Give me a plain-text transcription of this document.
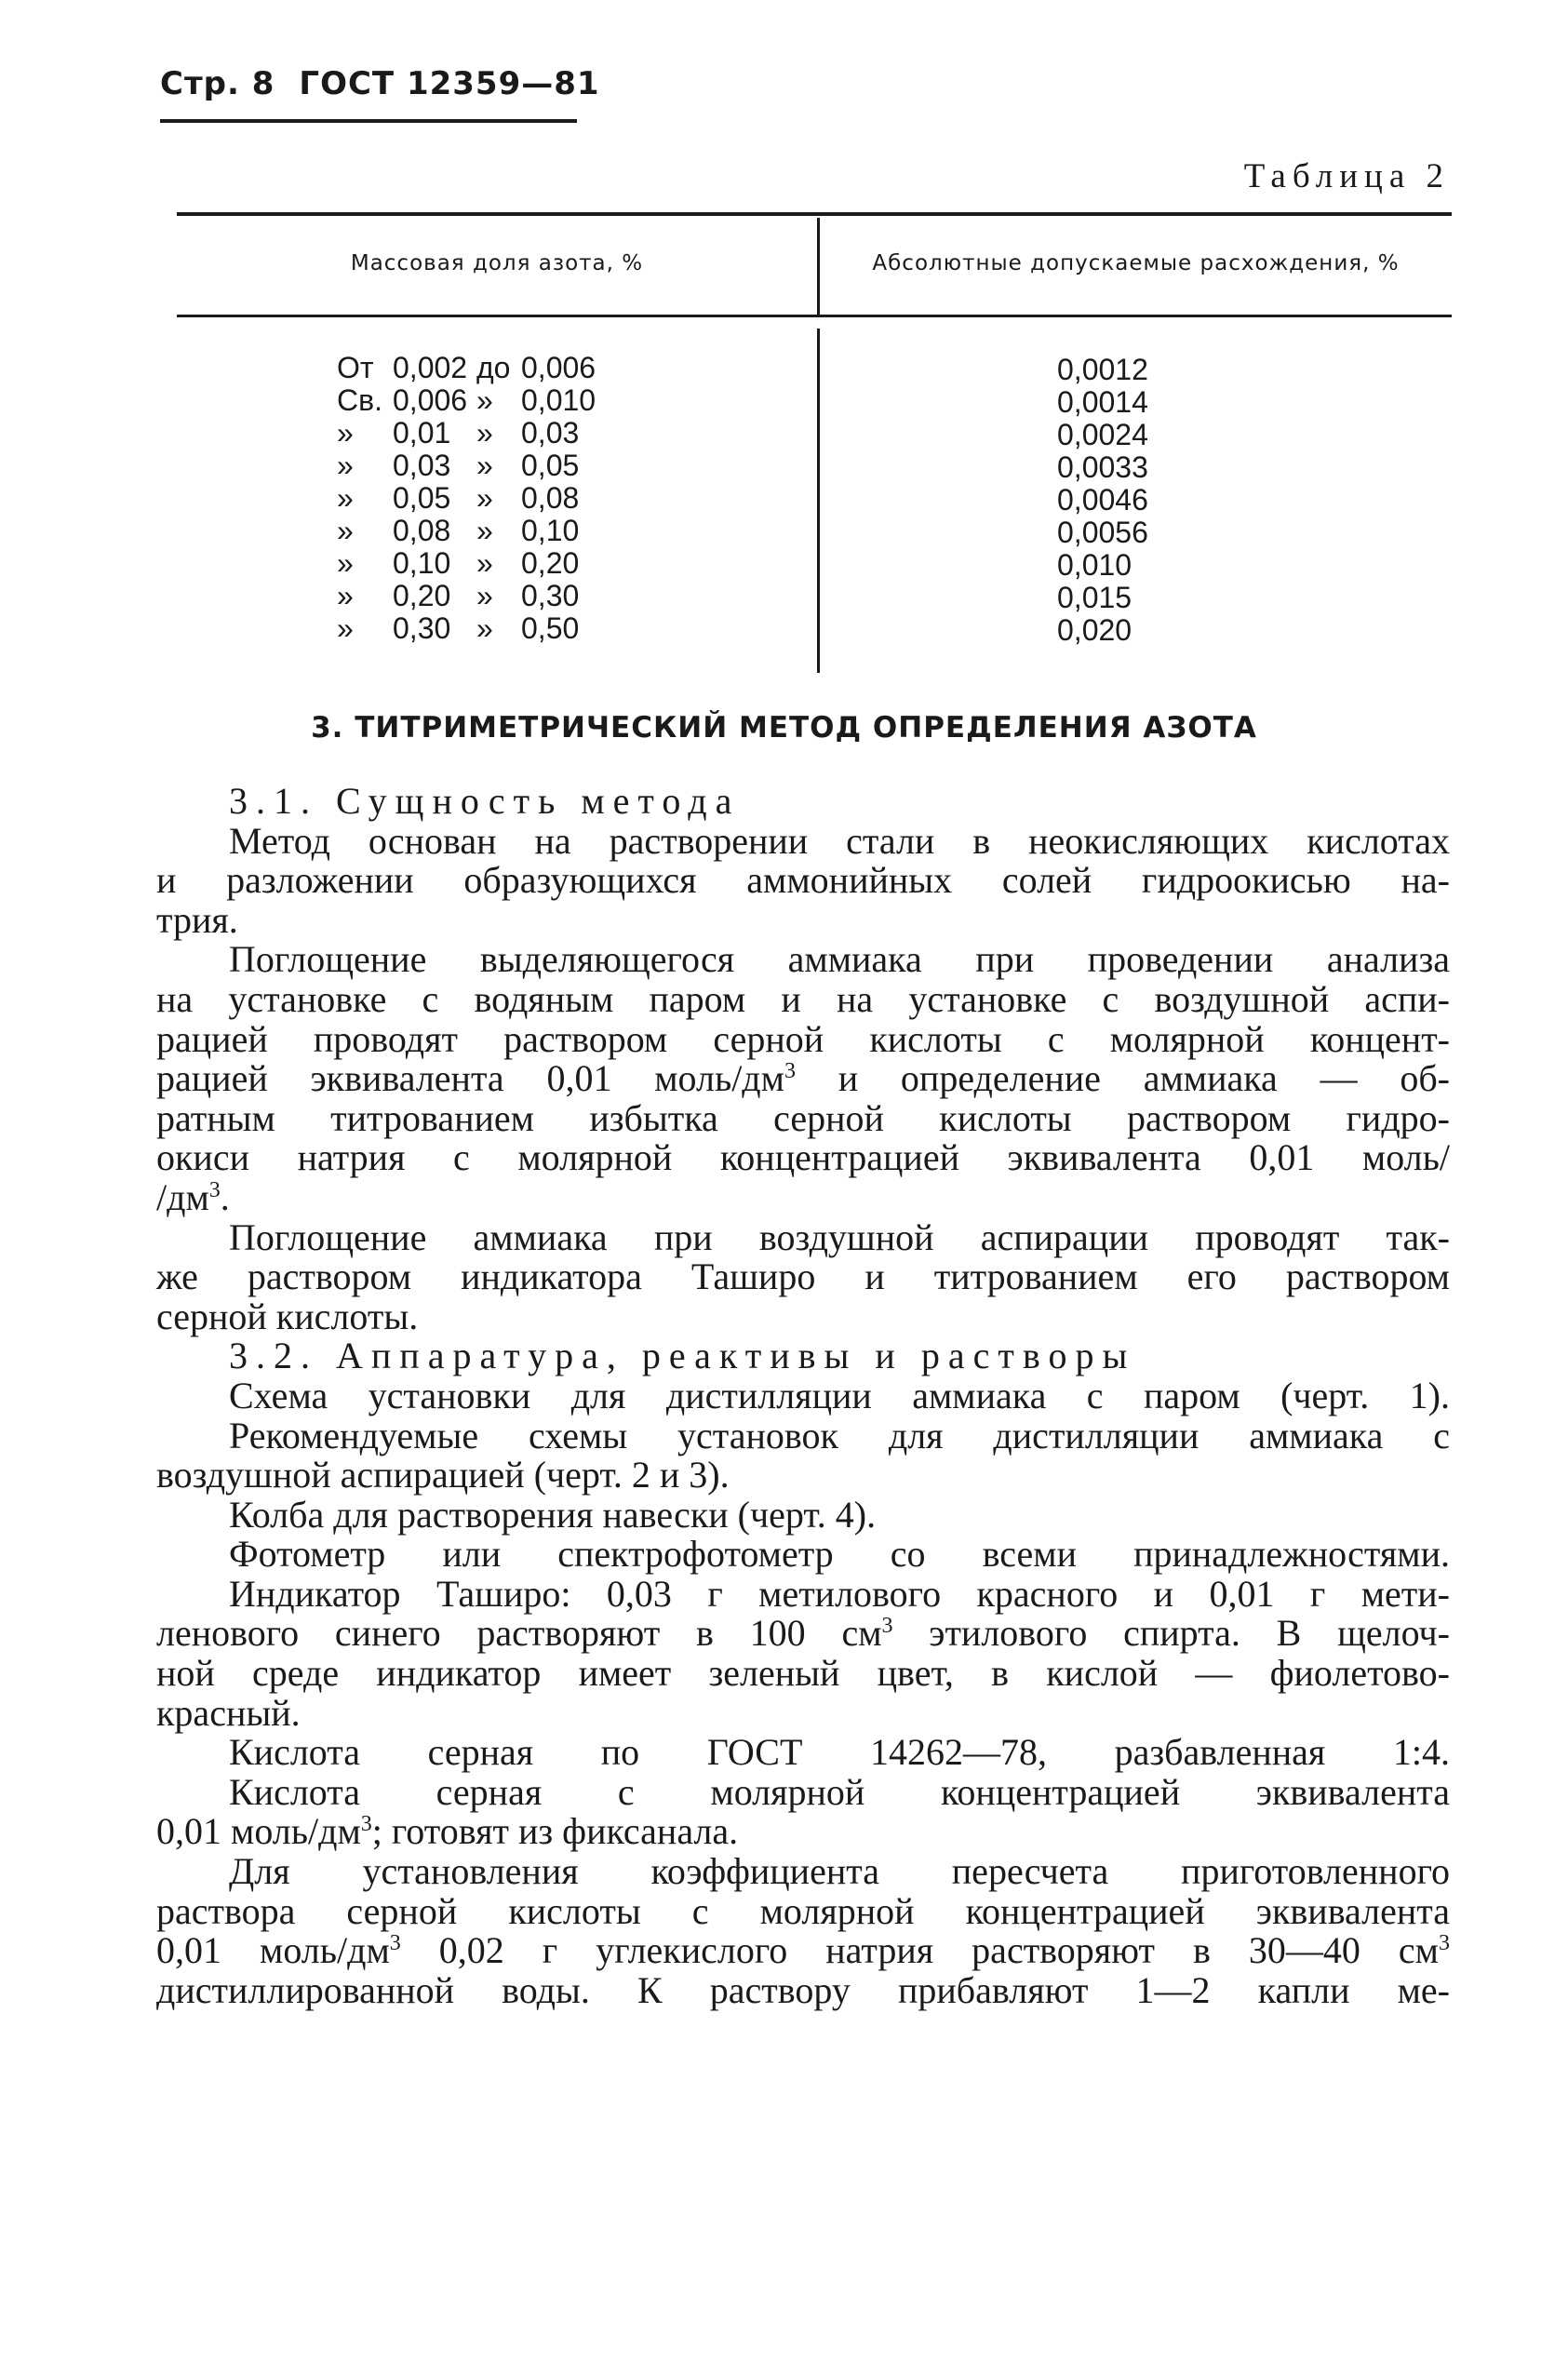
Стр. 8 ГОСТ 12359—81
Таблица 2
Массовая доля азота, %	Абсолютные допускаемые расхождения, %
От 0,002 до 0,006
Св. 0,006 » 0,010
» 0,01 » 0,03
» 0,03 » 0,05
» 0,05 » 0,08
» 0,08 » 0,10
» 0,10 » 0,20
» 0,20 » 0,30
» 0,30 » 0,50
0,0012
0,0014
0,0024
0,0033
0,0046
0,0056
0,010
0,015
0,020
3. ТИТРИМЕТРИЧЕСКИЙ МЕТОД ОПРЕДЕЛЕНИЯ АЗОТА
3.1. Сущность метода
Метод основан на растворении стали в неокисляющих кислотах
и разложении образующихся аммонийных солей гидроокисью на-
трия.
Поглощение выделяющегося аммиака при проведении анализа
на установке с водяным паром и на установке с воздушной аспи-
рацией проводят раствором серной кислоты с молярной концент-
рацией эквивалента 0,01 моль/$дм^3$ и определение аммиака — об-
ратным титрованием избытка серной кислоты раствором гидро-
окиси натрия с молярной концентрацией эквивалента 0,01 моль/
$/дм^3$.
Поглощение аммиака при воздушной аспирации проводят так-
же раствором индикатора Таширо и титрованием его раствором
серной кислоты.
3.2. Аппаратура, реактивы и растворы
Схема установки для дистилляции аммиака с паром (черт. 1).
Рекомендуемые схемы установок для дистилляции аммиака с
воздушной аспирацией (черт. 2 и 3).
Колба для растворения навески (черт. 4).
Фотометр или спектрофотометр со всеми принадлежностями.
Индикатор Таширо: 0,03 г метилового красного и 0,01 г мети-
ленового синего растворяют в 100 $см^3$ этилового спирта. В щелоч-
ной среде индикатор имеет зеленый цвет, в кислой — фиолетово-
красный.
Кислота серная по ГОСТ 14262—78, разбавленная 1:4.
Кислота серная с молярной концентрацией эквивалента
0,01 моль/$дм^3$; готовят из фиксанала.
Для установления коэффициента пересчета приготовленного
раствора серной кислоты с молярной концентрацией эквивалента
0,01 моль/$дм^3$ 0,02 г углекислого натрия растворяют в 30—40 $см^3$
дистиллированной воды. К раствору прибавляют 1—2 капли ме-
